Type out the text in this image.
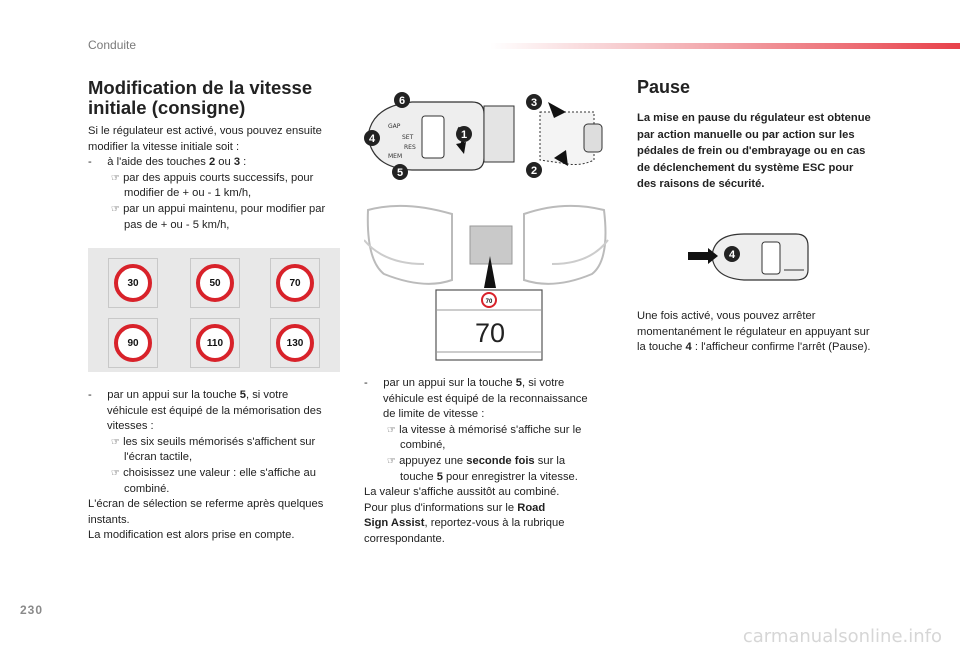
Conduite
Modification de la vitesse
initiale (consigne)

Si le régulateur est activé, vous pouvez ensuite

modifier la vitesse initiale soit :

- à l'aide des touches 2 ou 3 :

☞ par des appuis courts successifs, pour

modifier de + ou - 1 km/h,

☞ par un appui maintenu, pour modifier par

pas de + ou - 5 km/h,

30	50	70
90	110	130

- par un appui sur la touche 5, si votre

véhicule est équipé de la mémorisation des

vitesses :

☞ les six seuils mémorisés s'affichent sur

l'écran tactile,

☞ choisissez une valeur : elle s'affiche au

combiné.

L'écran de sélection se referme après quelques

instants.

La modification est alors prise en compte.

GAP
SET
RES
MEM
6
4
5
1
3
2
70
70

- par un appui sur la touche 5, si votre

véhicule est équipé de la reconnaissance

de limite de vitesse :

☞ la vitesse à mémorisé s'affiche sur le

combiné,

☞ appuyez une seconde fois sur la

touche 5 pour enregistrer la vitesse.

La valeur s'affiche aussitôt au combiné.

Pour plus d'informations sur le Road

Sign Assist, reportez-vous à la rubrique

correspondante.

Pause
La mise en pause du régulateur est obtenue
par action manuelle ou par action sur les
pédales de frein ou d'embrayage ou en cas
de déclenchement du système ESC pour
des raisons de sécurité.
4

Une fois activé, vous pouvez arrêter

momentanément le régulateur en appuyant sur

la touche 4 : l'afficheur confirme l'arrêt (Pause).

230
carmanualsonline.info
